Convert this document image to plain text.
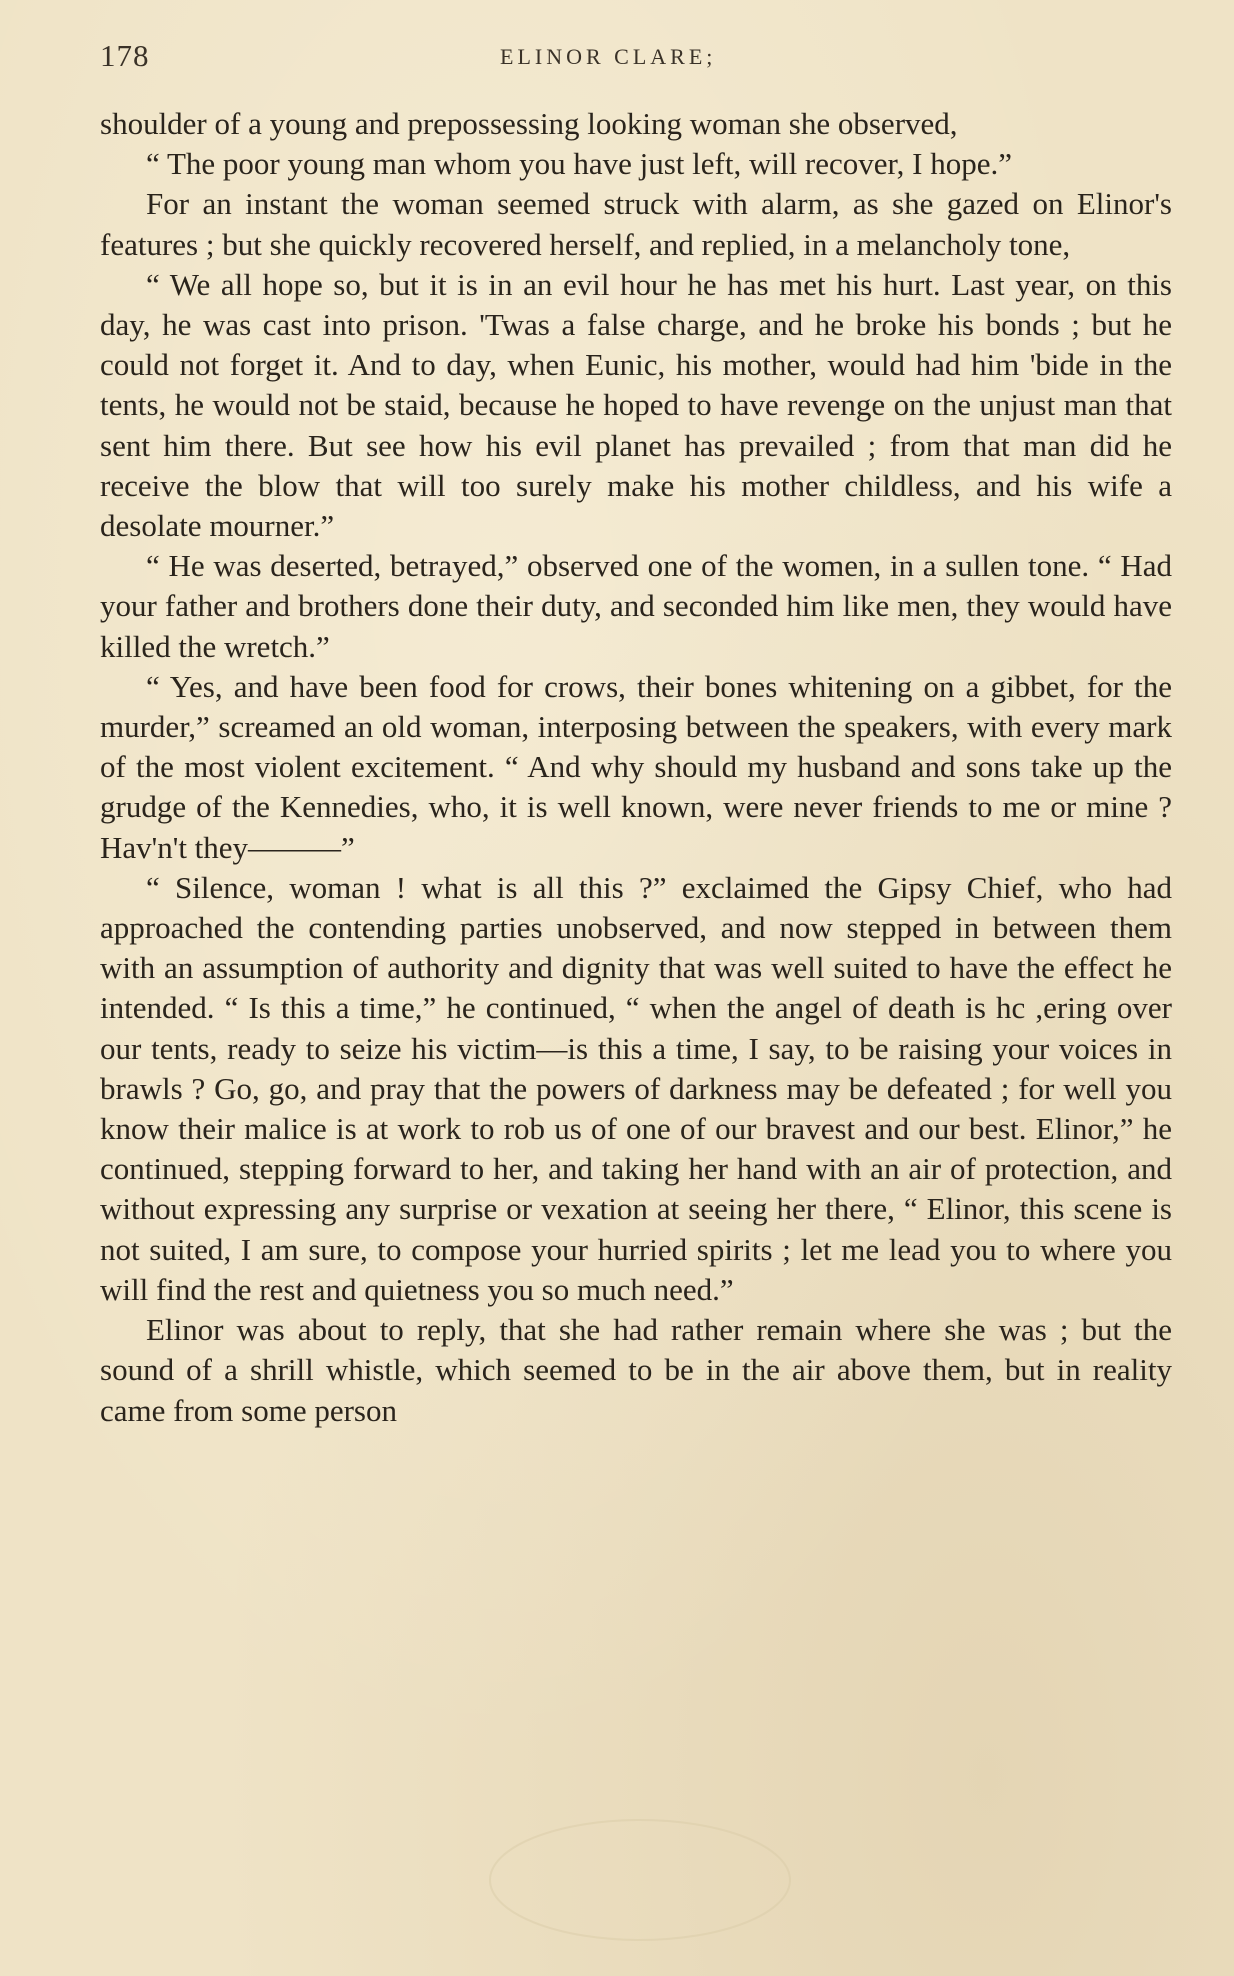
178	ELINOR CLARE;

shoulder of a young and prepossessing looking woman she observed,

“ The poor young man whom you have just left, will recover, I hope.”

For an instant the woman seemed struck with alarm, as she gazed on Elinor's features ; but she quickly recovered herself, and replied, in a melancholy tone,

“ We all hope so, but it is in an evil hour he has met his hurt. Last year, on this day, he was cast into prison. 'Twas a false charge, and he broke his bonds ; but he could not forget it. And to day, when Eunic, his mother, would had him 'bide in the tents, he would not be staid, because he hoped to have revenge on the unjust man that sent him there. But see how his evil planet has prevailed ; from that man did he receive the blow that will too surely make his mother childless, and his wife a desolate mourner.”

“ He was deserted, betrayed,” observed one of the women, in a sullen tone. “ Had your father and brothers done their duty, and seconded him like men, they would have killed the wretch.”

“ Yes, and have been food for crows, their bones whitening on a gibbet, for the murder,” screamed an old woman, interposing between the speakers, with every mark of the most violent excitement. “ And why should my husband and sons take up the grudge of the Kennedies, who, it is well known, were never friends to me or mine ? Hav'n't they———”

“ Silence, woman ! what is all this ?” exclaimed the Gipsy Chief, who had approached the contending parties unobserved, and now stepped in between them with an assumption of authority and dignity that was well suited to have the effect he intended. “ Is this a time,” he continued, “ when the angel of death is hc ,ering over our tents, ready to seize his victim—is this a time, I say, to be raising your voices in brawls ? Go, go, and pray that the powers of darkness may be defeated ; for well you know their malice is at work to rob us of one of our bravest and our best. Elinor,” he continued, stepping forward to her, and taking her hand with an air of protection, and without expressing any surprise or vexation at seeing her there, “ Elinor, this scene is not suited, I am sure, to compose your hurried spirits ; let me lead you to where you will find the rest and quietness you so much need.”

Elinor was about to reply, that she had rather remain where she was ; but the sound of a shrill whistle, which seemed to be in the air above them, but in reality came from some person
